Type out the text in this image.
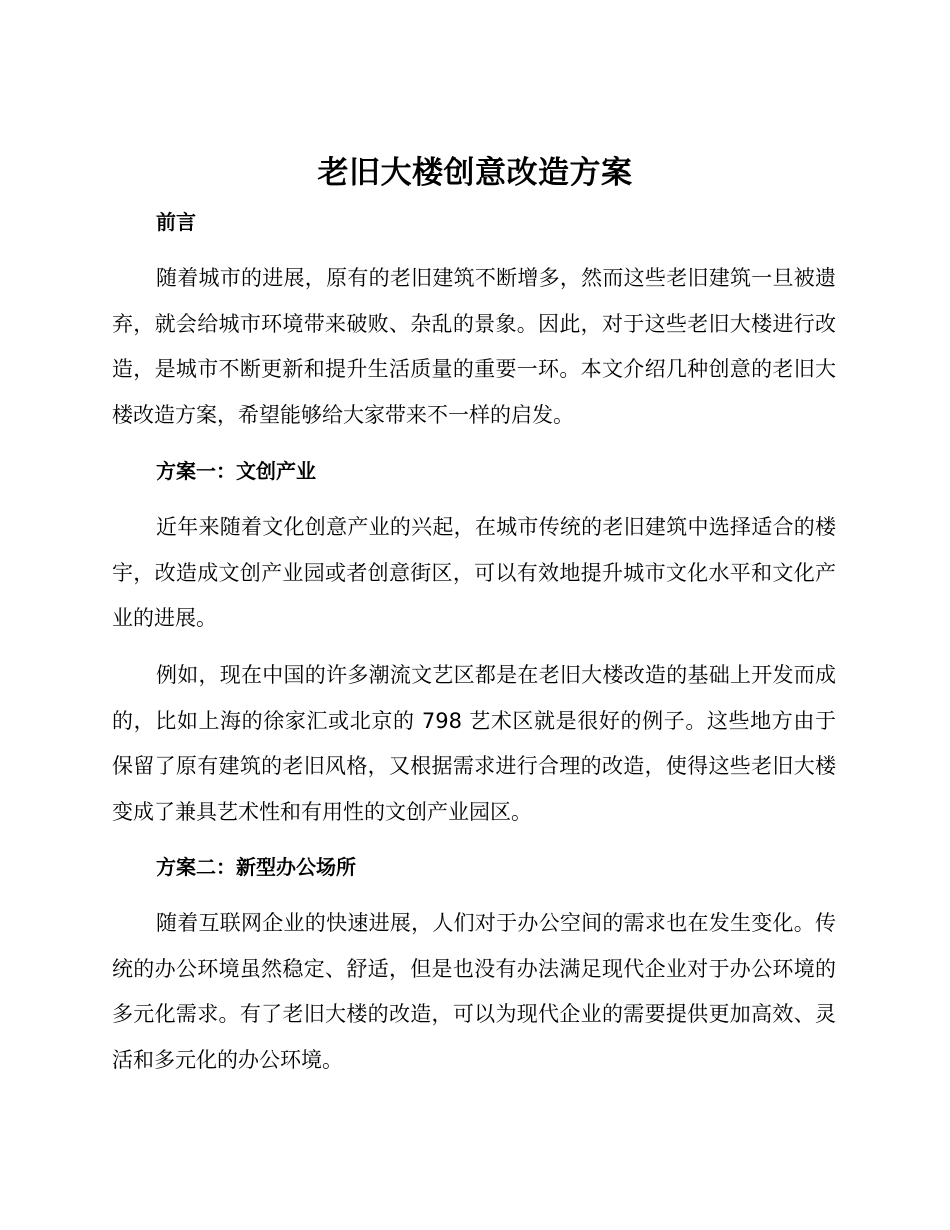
老旧大楼创意改造方案
前言
随着城市的进展，原有的老旧建筑不断增多，然而这些老旧建筑一旦被遗弃，就会给城市环境带来破败、杂乱的景象。因此，对于这些老旧大楼进行改造，是城市不断更新和提升生活质量的重要一环。本文介绍几种创意的老旧大楼改造方案，希望能够给大家带来不一样的启发。
方案一：文创产业
近年来随着文化创意产业的兴起，在城市传统的老旧建筑中选择适合的楼宇，改造成文创产业园或者创意街区，可以有效地提升城市文化水平和文化产业的进展。
例如，现在中国的许多潮流文艺区都是在老旧大楼改造的基础上开发而成的，比如上海的徐家汇或北京的 798 艺术区就是很好的例子。这些地方由于保留了原有建筑的老旧风格，又根据需求进行合理的改造，使得这些老旧大楼变成了兼具艺术性和有用性的文创产业园区。
方案二：新型办公场所
随着互联网企业的快速进展，人们对于办公空间的需求也在发生变化。传统的办公环境虽然稳定、舒适，但是也没有办法满足现代企业对于办公环境的多元化需求。有了老旧大楼的改造，可以为现代企业的需要提供更加高效、灵活和多元化的办公环境。
